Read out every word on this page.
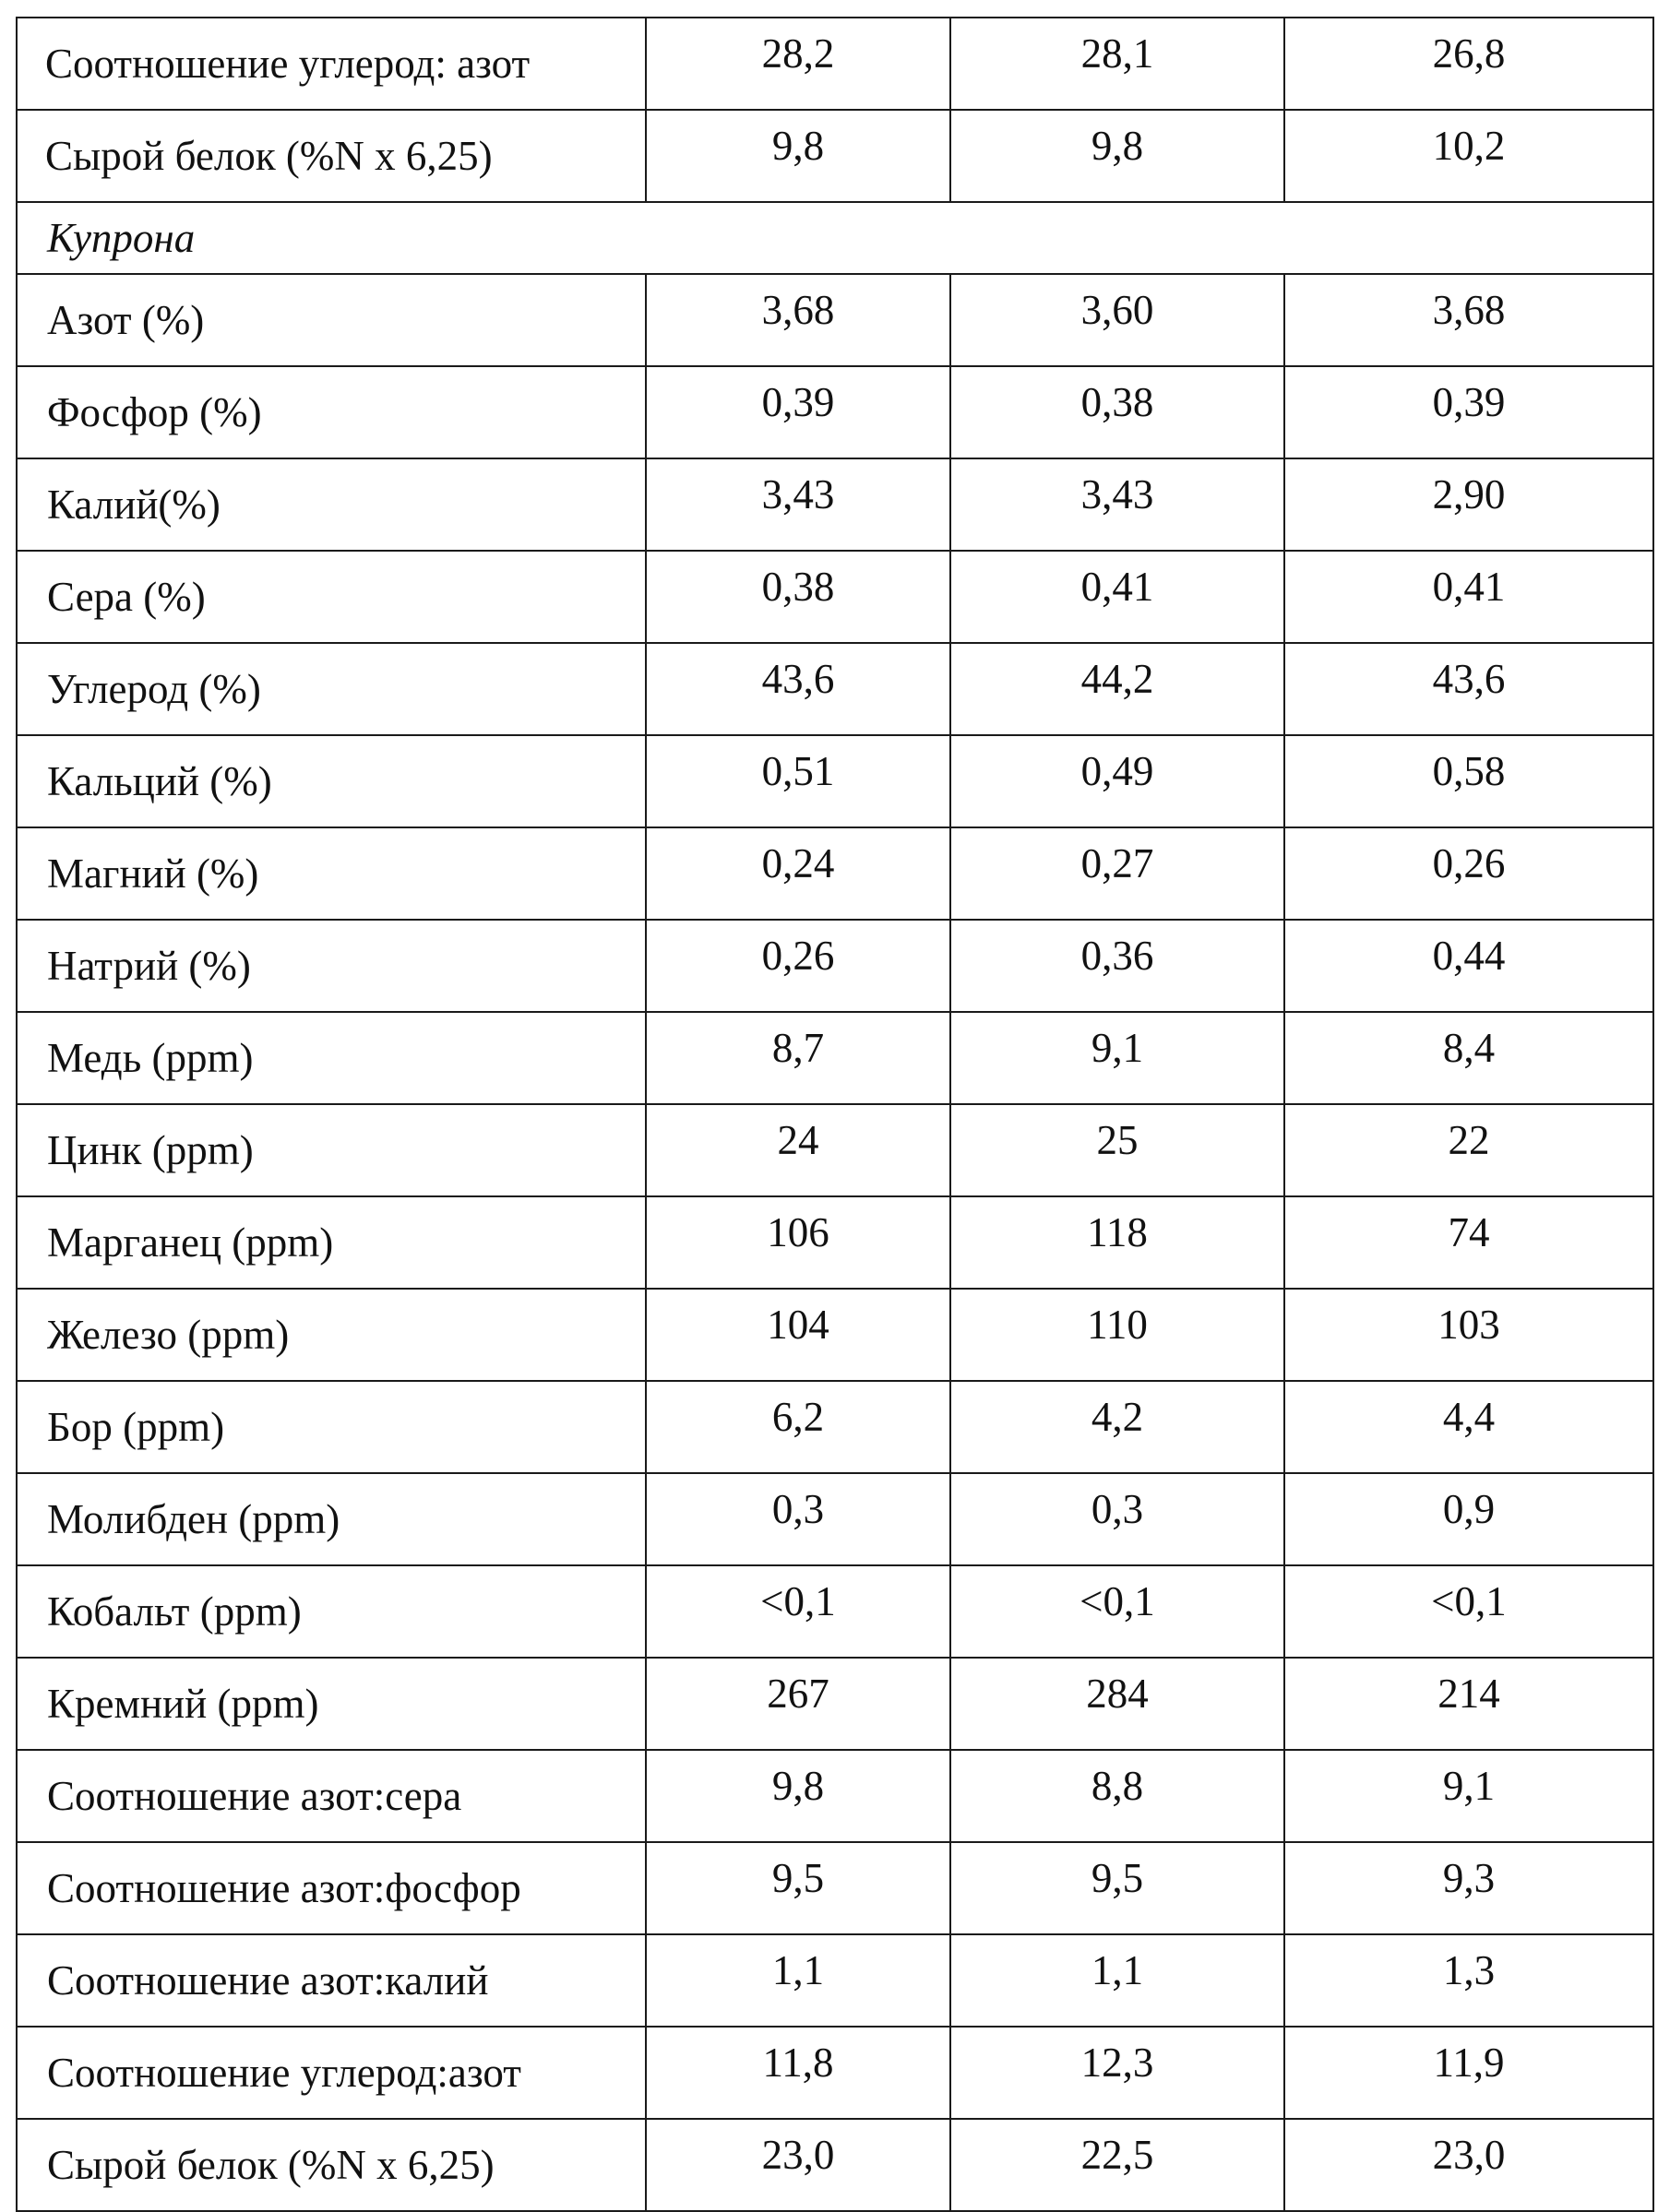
Соотношение углерод: азот	28,2	28,1	26,8
Сырой белок (%N x 6,25)	9,8	9,8	10,2
Купрона			
Азот (%)	3,68	3,60	3,68
Фосфор (%)	0,39	0,38	0,39
Калий(%)	3,43	3,43	2,90
Сера (%)	0,38	0,41	0,41
Углерод (%)	43,6	44,2	43,6
Кальций (%)	0,51	0,49	0,58
Магний (%)	0,24	0,27	0,26
Натрий (%)	0,26	0,36	0,44
Медь (ppm)	8,7	9,1	8,4
Цинк (ppm)	24	25	22
Марганец (ppm)	106	118	74
Железо (ppm)	104	110	103
Бор (ppm)	6,2	4,2	4,4
Молибден (ppm)	0,3	0,3	0,9
Кобальт (ppm)	<0,1	<0,1	<0,1
Кремний (ppm)	267	284	214
Соотношение азот:сера	9,8	8,8	9,1
Соотношение азот:фосфор	9,5	9,5	9,3
Соотношение азот:калий	1,1	1,1	1,3
Соотношение углерод:азот	11,8	12,3	11,9
Сырой белок (%N x 6,25)	23,0	22,5	23,0
